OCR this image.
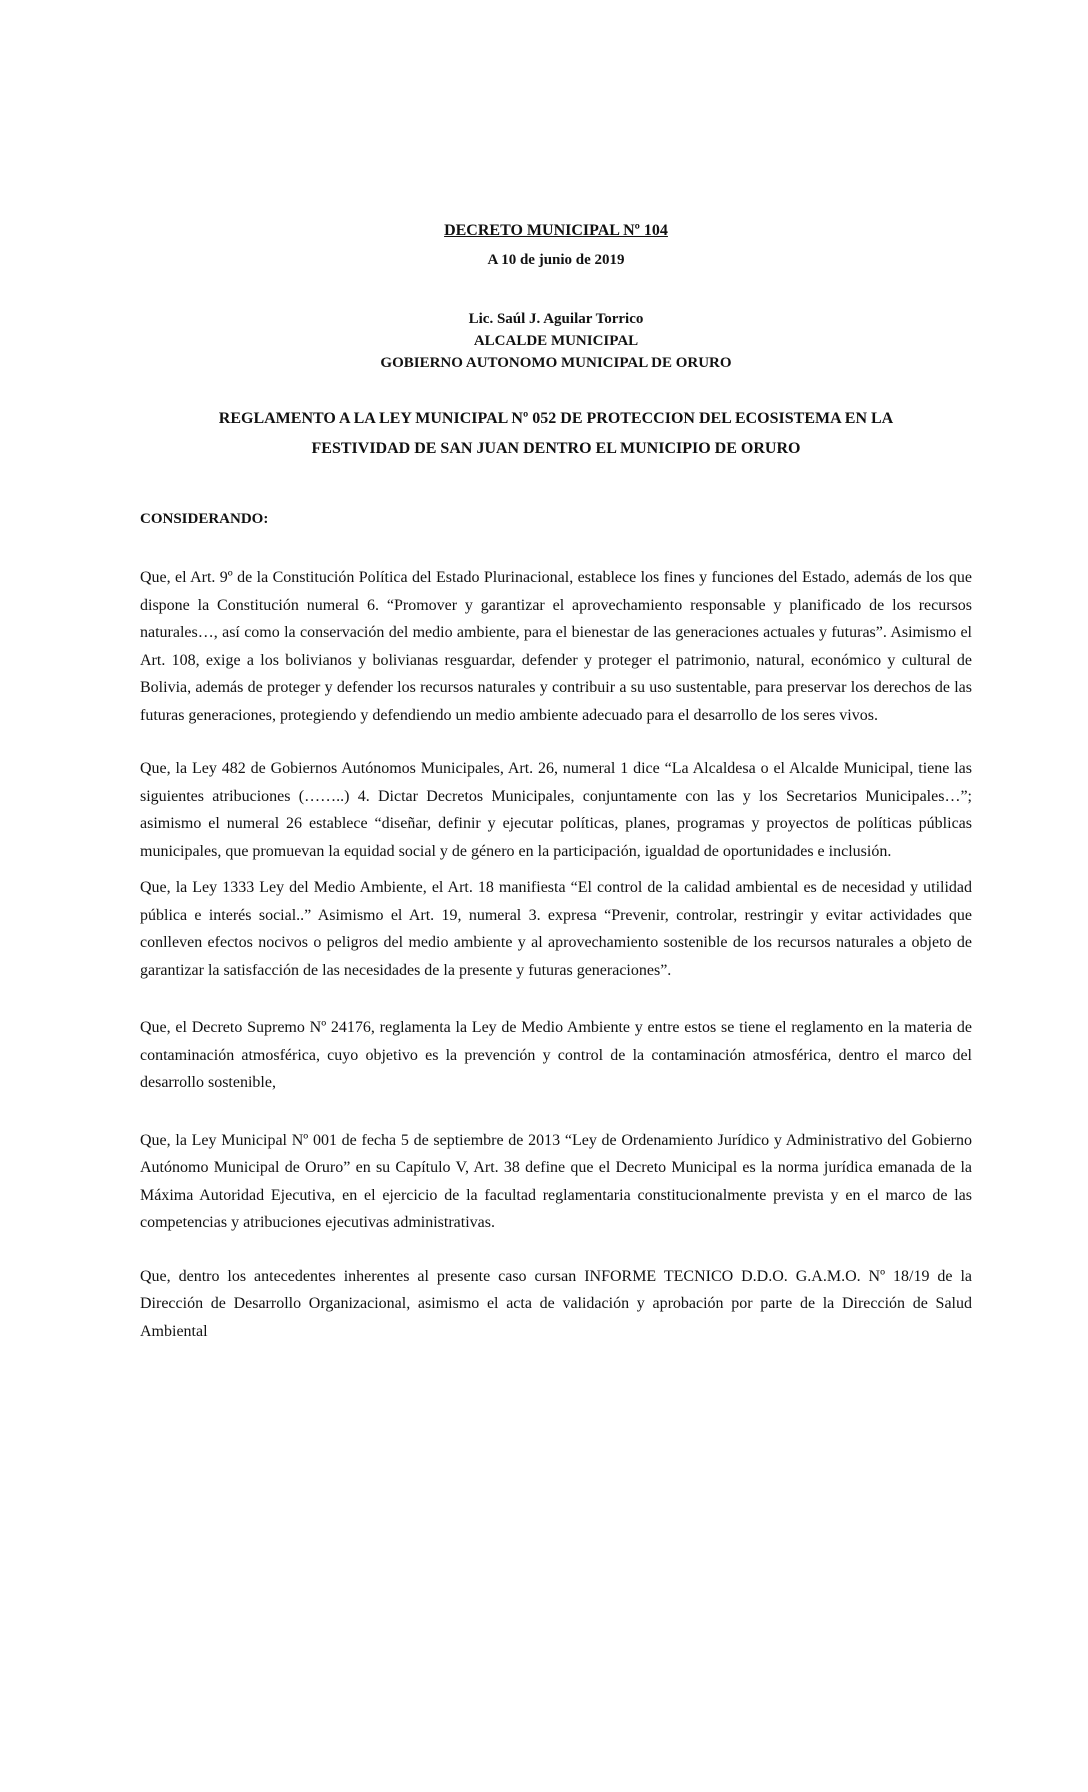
DECRETO MUNICIPAL Nº 104

A 10 de junio de 2019

Lic. Saúl J. Aguilar Torrico
ALCALDE MUNICIPAL
GOBIERNO AUTONOMO MUNICIPAL DE ORURO
REGLAMENTO A LA LEY MUNICIPAL Nº 052 DE PROTECCION DEL ECOSISTEMA EN LA
FESTIVIDAD DE SAN JUAN DENTRO EL MUNICIPIO DE ORURO
CONSIDERANDO:

Que, el Art. 9º de la Constitución Política del Estado Plurinacional, establece los fines y funciones del Estado, además de los que dispone la Constitución numeral 6. “Promover y garantizar el aprovechamiento responsable y planificado de los recursos naturales…, así como la conservación del medio ambiente, para el bienestar de las generaciones actuales y futuras”. Asimismo el Art. 108, exige a los bolivianos y bolivianas resguardar, defender y proteger el patrimonio, natural, económico y cultural de Bolivia, además de proteger y defender los recursos naturales y contribuir a su uso sustentable, para preservar los derechos de las futuras generaciones, protegiendo y defendiendo un medio ambiente adecuado para el desarrollo de los seres vivos.

Que, la Ley 482 de Gobiernos Autónomos Municipales, Art. 26, numeral 1 dice “La Alcaldesa o el Alcalde Municipal, tiene las siguientes atribuciones (……..) 4. Dictar Decretos Municipales, conjuntamente con las y los Secretarios Municipales…”; asimismo el numeral 26 establece “diseñar, definir y ejecutar políticas, planes, programas y proyectos de políticas públicas municipales, que promuevan la equidad social y de género en la participación, igualdad de oportunidades e inclusión.

Que, la Ley 1333 Ley del Medio Ambiente, el Art. 18 manifiesta “El control de la calidad ambiental es de necesidad y utilidad pública e interés social..” Asimismo el Art. 19, numeral 3. expresa “Prevenir, controlar, restringir y evitar actividades que conlleven efectos nocivos o peligros del medio ambiente y al aprovechamiento sostenible de los recursos naturales a objeto de garantizar la satisfacción de las necesidades de la presente y futuras generaciones”.

Que, el Decreto Supremo Nº 24176, reglamenta la Ley de Medio Ambiente y entre estos se tiene el reglamento en la materia de contaminación atmosférica, cuyo objetivo es la prevención y control de la contaminación atmosférica, dentro el marco del desarrollo sostenible,

Que, la Ley Municipal Nº 001 de fecha 5 de septiembre de 2013 “Ley de Ordenamiento Jurídico y Administrativo del Gobierno Autónomo Municipal de Oruro” en su Capítulo V, Art. 38 define que el Decreto Municipal es la norma jurídica emanada de la Máxima Autoridad Ejecutiva, en el ejercicio de la facultad reglamentaria constitucionalmente prevista y en el marco de las competencias y atribuciones ejecutivas administrativas.

Que, dentro los antecedentes inherentes al presente caso cursan INFORME TECNICO D.D.O. G.A.M.O. Nº 18/19 de la Dirección de Desarrollo Organizacional, asimismo el acta de validación y aprobación por parte de la Dirección de Salud Ambiental
